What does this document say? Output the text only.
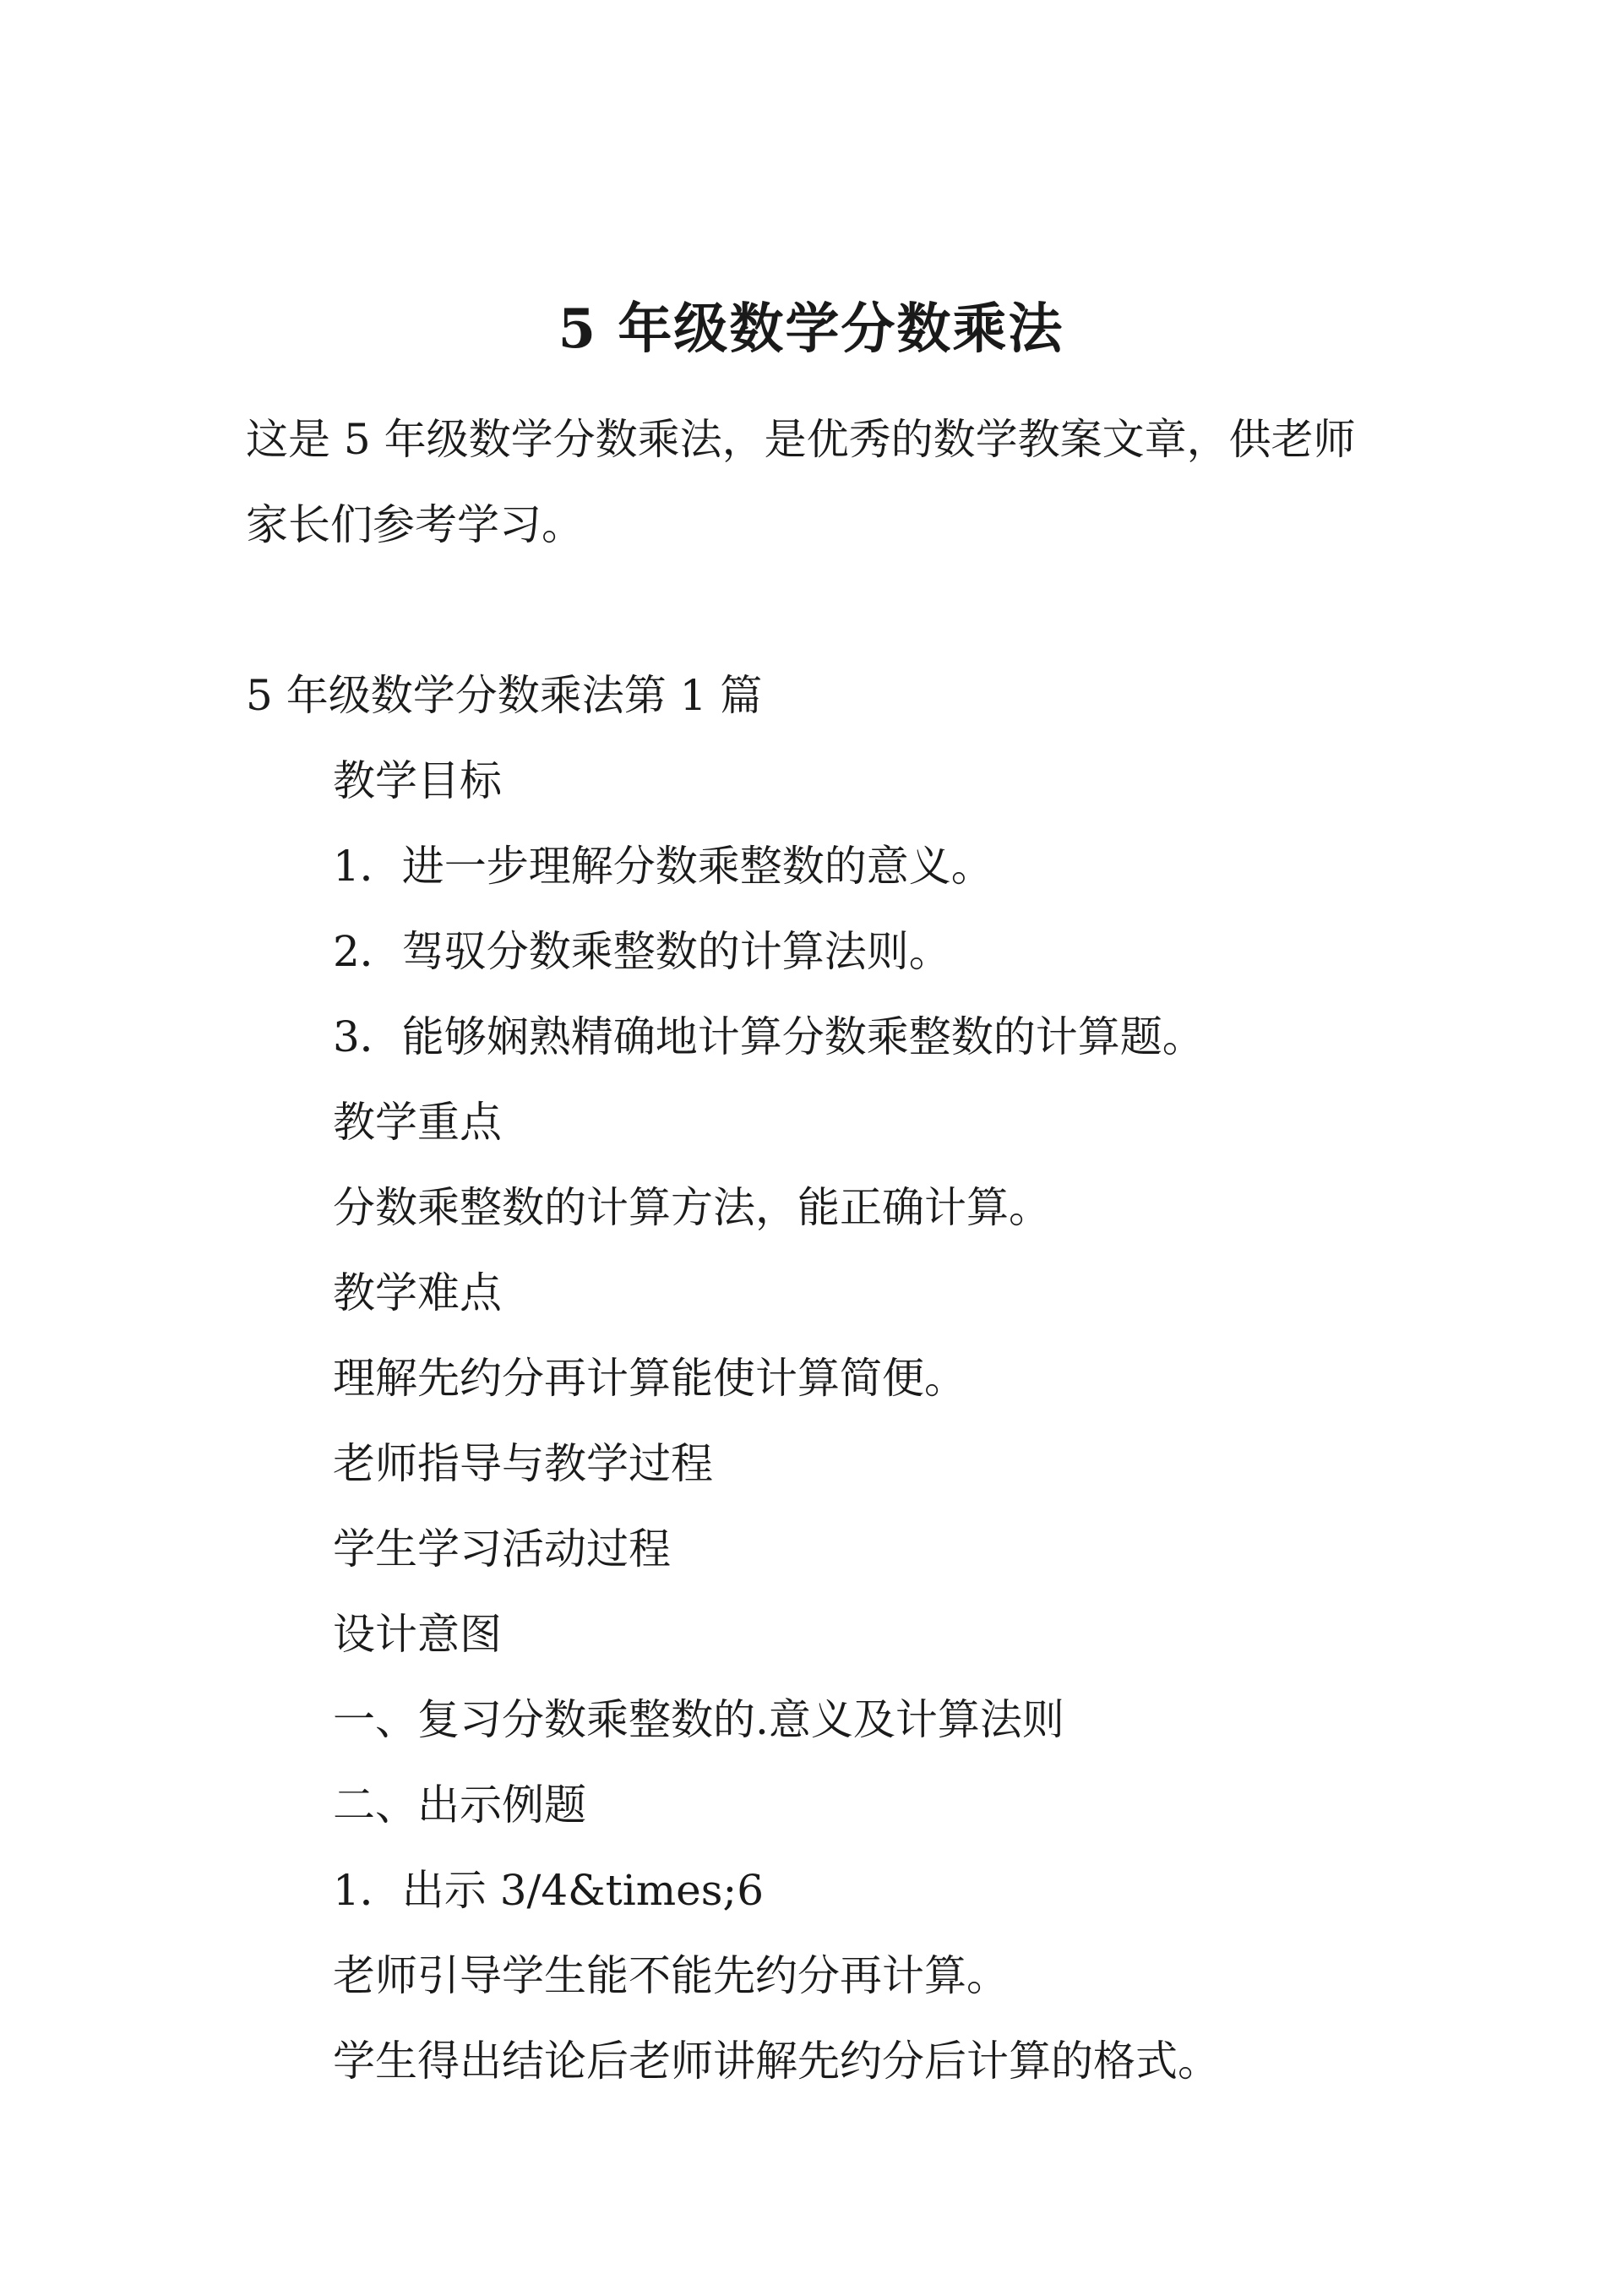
5 年级数学分数乘法

这是 5 年级数学分数乘法，是优秀的数学教案文章，供老师
家长们参考学习。

5 年级数学分数乘法第 1 篇

教学目标
1．进一步理解分数乘整数的意义。
2．驾驭分数乘整数的计算法则。
3．能够娴熟精确地计算分数乘整数的计算题。
教学重点
分数乘整数的计算方法，能正确计算。
教学难点
理解先约分再计算能使计算简便。
老师指导与教学过程
学生学习活动过程
设计意图
一、复习分数乘整数的.意义及计算法则
二、出示例题
1．出示 3/4&times;6
老师引导学生能不能先约分再计算。
学生得出结论后老师讲解先约分后计算的格式。
